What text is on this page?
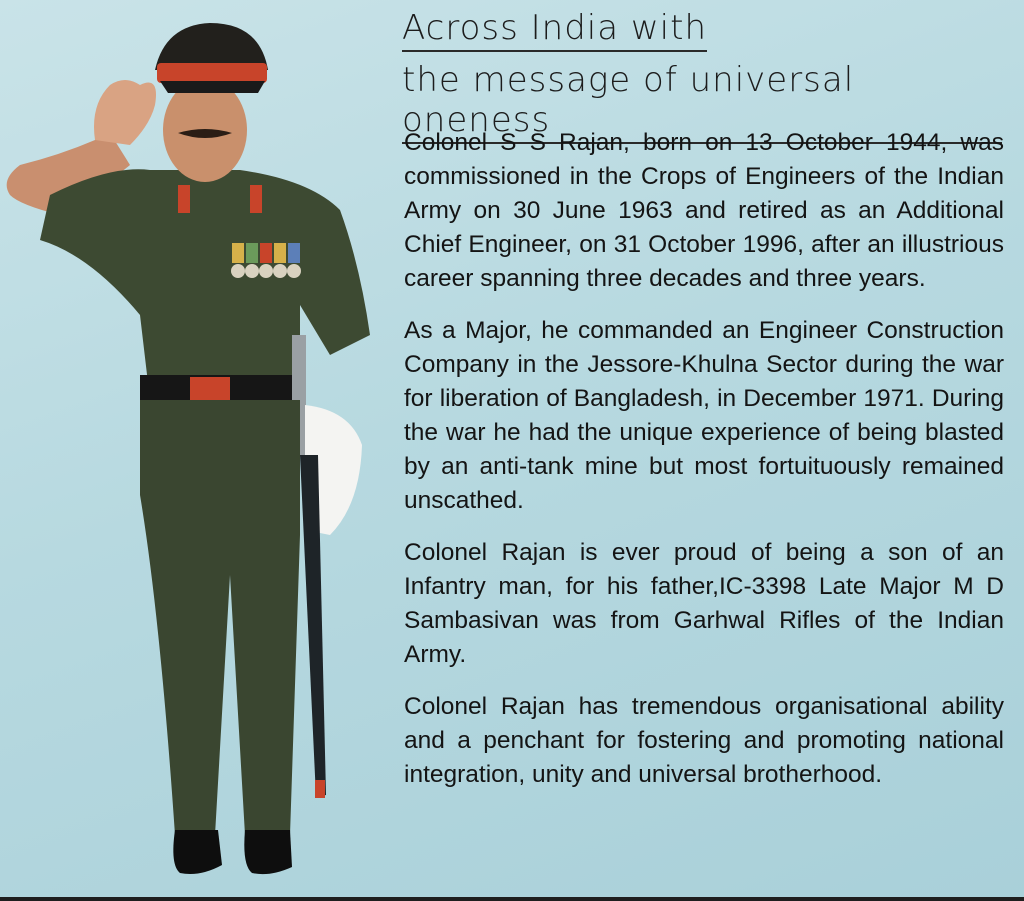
Across India with
the message of universal oneness

Colonel S S Rajan, born on 13 October 1944, was commissioned in the Crops of Engineers of the Indian Army on 30 June 1963 and retired as an Additional Chief Engineer, on 31 October 1996, after an illustrious career spanning three decades and three years.

As a Major, he commanded an Engineer Construction Company in the Jessore-Khulna Sector during the war for liberation of Bangladesh, in December 1971. During the war he had the unique experience of being blasted by an anti-tank mine but most fortuituously remained unscathed.

Colonel Rajan is ever proud of being a son of an Infantry man, for his father,IC-3398 Late Major M D Sambasivan was from Garhwal Rifles of the Indian Army.

Colonel Rajan has tremendous organisational ability and a penchant for fostering and promoting national integration, unity and universal brotherhood.
